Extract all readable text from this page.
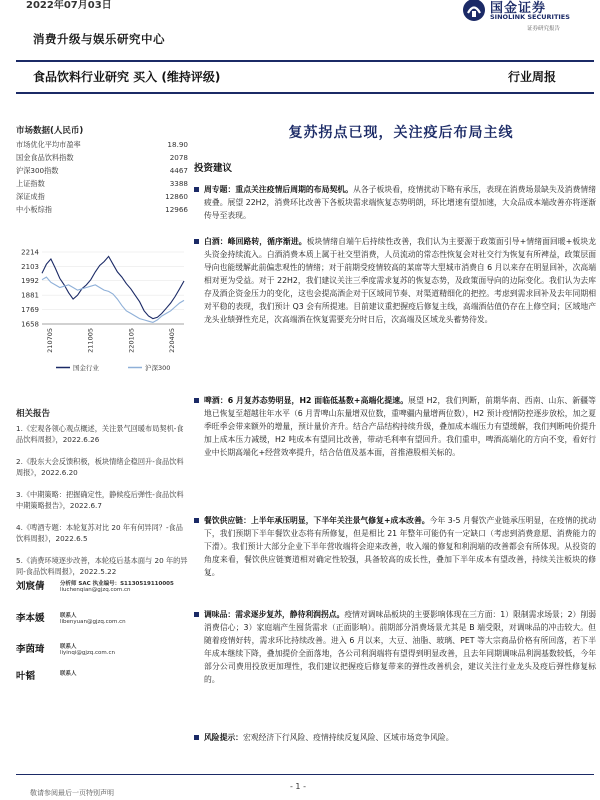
2022年07月03日
消费升级与娱乐研究中心
国金证券
SINOLINK SECURITIES
证券研究报告
食品饮料行业研究 买入 (维持评级)	行业周报
市场数据(人民币)
市场优化平均市盈率	18.90
国金食品饮料指数	2078
沪深300指数	4467
上证指数	3388
深证成指	12860
中小板综指	12966
2214
2103
1992
1881
1769
1658
210705	211005	220105	220405
国金行业	沪深300
相关报告
1.《宏观各领心观点概述，关注景气回暖布局契机-食品饮料周报》，2022.6.26
2.《股东大会反馈积极，板块情绪企稳回升-食品饮料周报》，2022.6.20
3.《中期策略：把握确定性，静候疫后弹性-食品饮料中期策略报告》，2022.6.7
4.《啤酒专题：本轮复苏对比 20 年有何异同？-食品饮料周报》，2022.6.5
5.《消费环境逐步改善，本轮疫后基本面与 20 年的异同-食品饮料周报》，2022.5.22
刘宸倩	分析师 SAC 执业编号：S1130519110005
liuchenqian@gjzq.com.cn
李本媛	联系人
libenyuan@gjzq.com.cn
李茵琦	联系人
liyinqi@gjzq.com.cn
叶韬	联系人
复苏拐点已现，关注疫后布局主线
投资建议
周专题：重点关注疫情后周期的布局契机。从各子板块看，疫情扰动下略有承压，表现在消费场景缺失及消费情绪疲叠。展望 22H2，消费环比改善下各板块需求端恢复态势明朗，环比增速有望加速，大众品成本端改善亦将逐渐传导至表现。
白酒：峰回路转，循序渐进。板块情绪自端午后持续性改善，我们认为主要源于政策面引导+情绪面回暖+板块龙头资金持续流入。白酒消费本质上属于社交型消费，人员流动的常态性恢复会对社交行为恢复有所裨益，政策层面导向也能缓解此前偏悲观性的情绪；对于前期受疫情较高的某席等大型城市消费自 6 月以来存在明显回补，次高端相对更为受益。对于 22H2，我们建议关注三季度需求复苏的恢复态势，及政策面导向的边际变化。我们认为去库存及酒企资金压力的变化，这也会提高酒企对于区域同节奏、对渠道精细化的把控。考虑到需求回补及去年同期相对平稳的表现，我们预计 Q3 会有所提速。目前建议重把握疫后修复主线，高端酒估值仍存在上修空间；区域地产龙头业绩弹性充足，次高端酒在恢复需要充分时日后，次高端及区域龙头蓄势待发。
啤酒：6 月复苏态势明显，H2 面临低基数+高端化提速。展望 H2，我们判断，前期华南、西南、山东、新疆等地已恢复至超越往年水平（6 月青啤山东量增双位数，重啤疆内量增两位数），H2 预计疫情防控逐步放松，加之夏季旺季会带来额外的增量，预计量价齐升。结合产品结构持续升级，叠加成本端压力有望缓解，我们判断吨价提升加上成本压力减缓，H2 吨成本有望同比改善，带动毛利率有望回升。我们重申，啤酒高端化的方向不变，看好行业中长期高端化+经营效率提升，结合估值及基本面，首推港股相关标的。
餐饮供应链：上半年承压明显，下半年关注景气修复+成本改善。今年 3-5 月餐饮产业链承压明显，在疫情的扰动下，我们预期下半年餐饮业态将有所修复，但是相比 21 年整年可能仍有一定缺口（考虑到消费意愿、消费能力的下滑）。我们预计大部分企业下半年营收端将会迎来改善，收入端的修复和利润端的改善都会有所体现。从投资的角度来看，餐饮供应链赛道相对确定性较强，具备较高的成长性，叠加下半年成本有望改善，持续关注板块的修复。
调味品：需求逐步复苏，静待利润拐点。疫情对调味品板块的主要影响体现在三方面：1）限制需求场景；2）削弱消费信心；3）家庭端产生囤货需求（正面影响）。前期部分消费场景尤其是 B 端受限，对调味品的冲击较大。但随着疫情好转，需求环比持续改善。进入 6 月以来，大豆、油脂、玻璃、PET 等大宗商品价格有所回落，若下半年成本继续下降，叠加提价全面落地，各公司利润端将有望得到明显改善，且去年同期调味品利润基数较低，今年部分公司费用投放更加理性，我们建议把握疫后修复带来的弹性改善机会，建议关注行业龙头及疫后弹性修复标的。
风险提示：宏观经济下行风险、疫情持续反复风险、区域市场竞争风险。
- 1 -
敬请参阅最后一页特别声明
